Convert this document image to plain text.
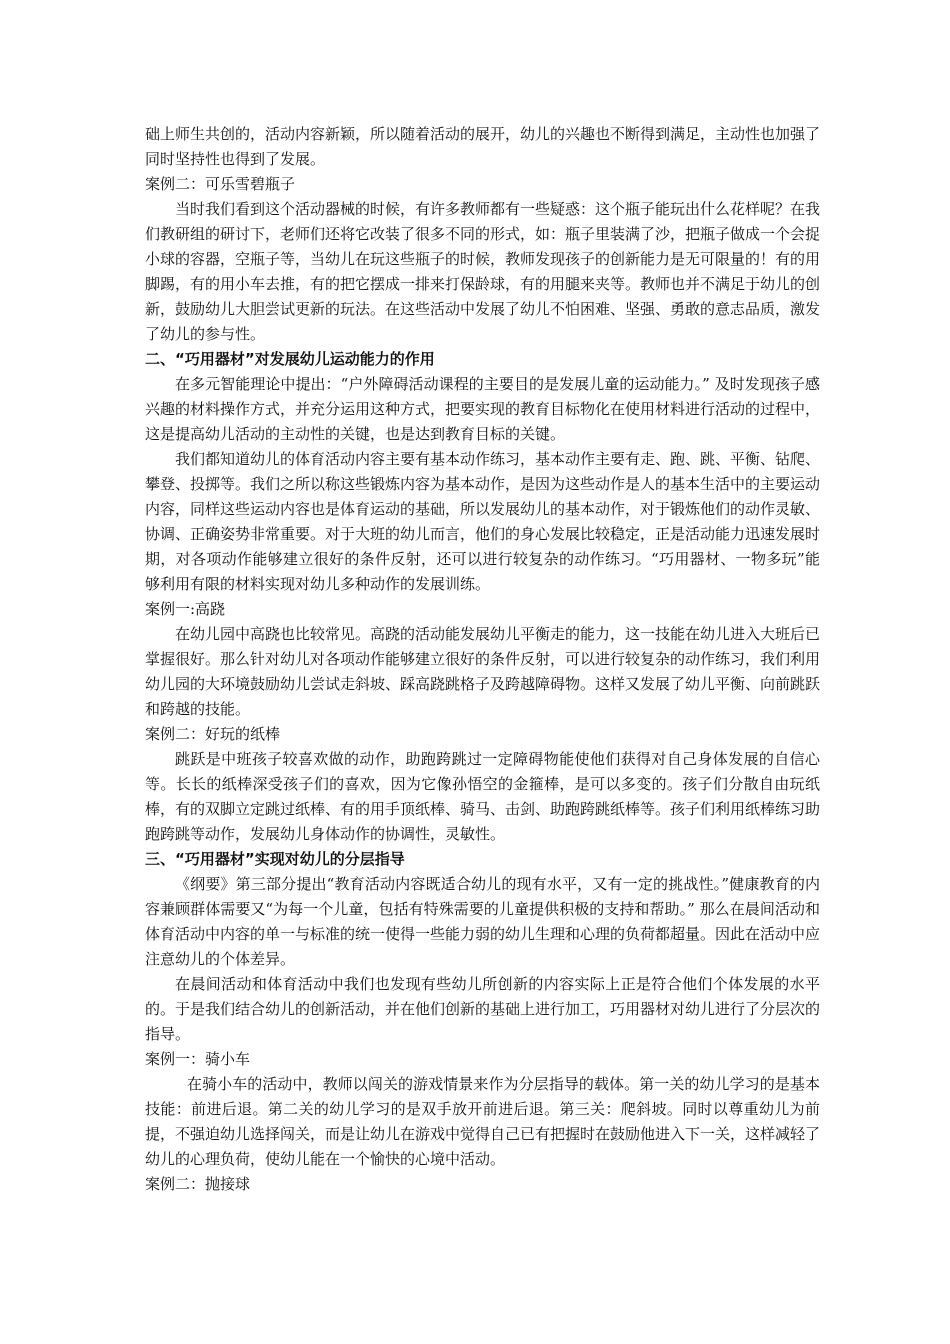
础上师生共创的，活动内容新颖，所以随着活动的展开，幼儿的兴趣也不断得到满足，主动性也加强了同时坚持性也得到了发展。

案例二：可乐雪碧瓶子

当时我们看到这个活动器械的时候，有许多教师都有一些疑惑：这个瓶子能玩出什么花样呢？在我们教研组的研讨下，老师们还将它改装了很多不同的形式，如：瓶子里装满了沙，把瓶子做成一个会捉小球的容器，空瓶子等，当幼儿在玩这些瓶子的时候，教师发现孩子的创新能力是无可限量的！有的用脚踢，有的用小车去推，有的把它摆成一排来打保龄球，有的用腿来夹等。教师也并不满足于幼儿的创新，鼓励幼儿大胆尝试更新的玩法。在这些活动中发展了幼儿不怕困难、坚强、勇敢的意志品质，激发了幼儿的参与性。

二、“巧用器材”对发展幼儿运动能力的作用

在多元智能理论中提出：“户外障碍活动课程的主要目的是发展儿童的运动能力。” 及时发现孩子感兴趣的材料操作方式，并充分运用这种方式，把要实现的教育目标物化在使用材料进行活动的过程中，这是提高幼儿活动的主动性的关键，也是达到教育目标的关键。

我们都知道幼儿的体育活动内容主要有基本动作练习，基本动作主要有走、跑、跳、平衡、钻爬、攀登、投掷等。我们之所以称这些锻炼内容为基本动作，是因为这些动作是人的基本生活中的主要运动内容，同样这些运动内容也是体育运动的基础，所以发展幼儿的基本动作，对于锻炼他们的动作灵敏、协调、正确姿势非常重要。对于大班的幼儿而言，他们的身心发展比较稳定，正是活动能力迅速发展时期，对各项动作能够建立很好的条件反射，还可以进行较复杂的动作练习。“巧用器材、一物多玩”能够利用有限的材料实现对幼儿多种动作的发展训练。

案例一:高跷

在幼儿园中高跷也比较常见。高跷的活动能发展幼儿平衡走的能力，这一技能在幼儿进入大班后已掌握很好。那么针对幼儿对各项动作能够建立很好的条件反射，可以进行较复杂的动作练习，我们利用幼儿园的大环境鼓励幼儿尝试走斜坡、踩高跷跳格子及跨越障碍物。这样又发展了幼儿平衡、向前跳跃和跨越的技能。

案例二：好玩的纸棒

跳跃是中班孩子较喜欢做的动作，助跑跨跳过一定障碍物能使他们获得对自己身体发展的自信心等。长长的纸棒深受孩子们的喜欢，因为它像孙悟空的金箍棒，是可以多变的。孩子们分散自由玩纸棒，有的双脚立定跳过纸棒、有的用手顶纸棒、骑马、击剑、助跑跨跳纸棒等。孩子们利用纸棒练习助跑跨跳等动作，发展幼儿身体动作的协调性，灵敏性。

三、“巧用器材”实现对幼儿的分层指导

《纲要》第三部分提出“教育活动内容既适合幼儿的现有水平，又有一定的挑战性。”健康教育的内容兼顾群体需要又“为每一个儿童，包括有特殊需要的儿童提供积极的支持和帮助。” 那么在晨间活动和体育活动中内容的单一与标准的统一使得一些能力弱的幼儿生理和心理的负荷都超量。因此在活动中应注意幼儿的个体差异。

在晨间活动和体育活动中我们也发现有些幼儿所创新的内容实际上正是符合他们个体发展的水平的。于是我们结合幼儿的创新活动，并在他们创新的基础上进行加工，巧用器材对幼儿进行了分层次的指导。

案例一：骑小车

在骑小车的活动中，教师以闯关的游戏情景来作为分层指导的载体。第一关的幼儿学习的是基本技能：前进后退。第二关的幼儿学习的是双手放开前进后退。第三关：爬斜坡。同时以尊重幼儿为前提，不强迫幼儿选择闯关，而是让幼儿在游戏中觉得自己已有把握时在鼓励他进入下一关，这样减轻了幼儿的心理负荷，使幼儿能在一个愉快的心境中活动。

案例二：抛接球
